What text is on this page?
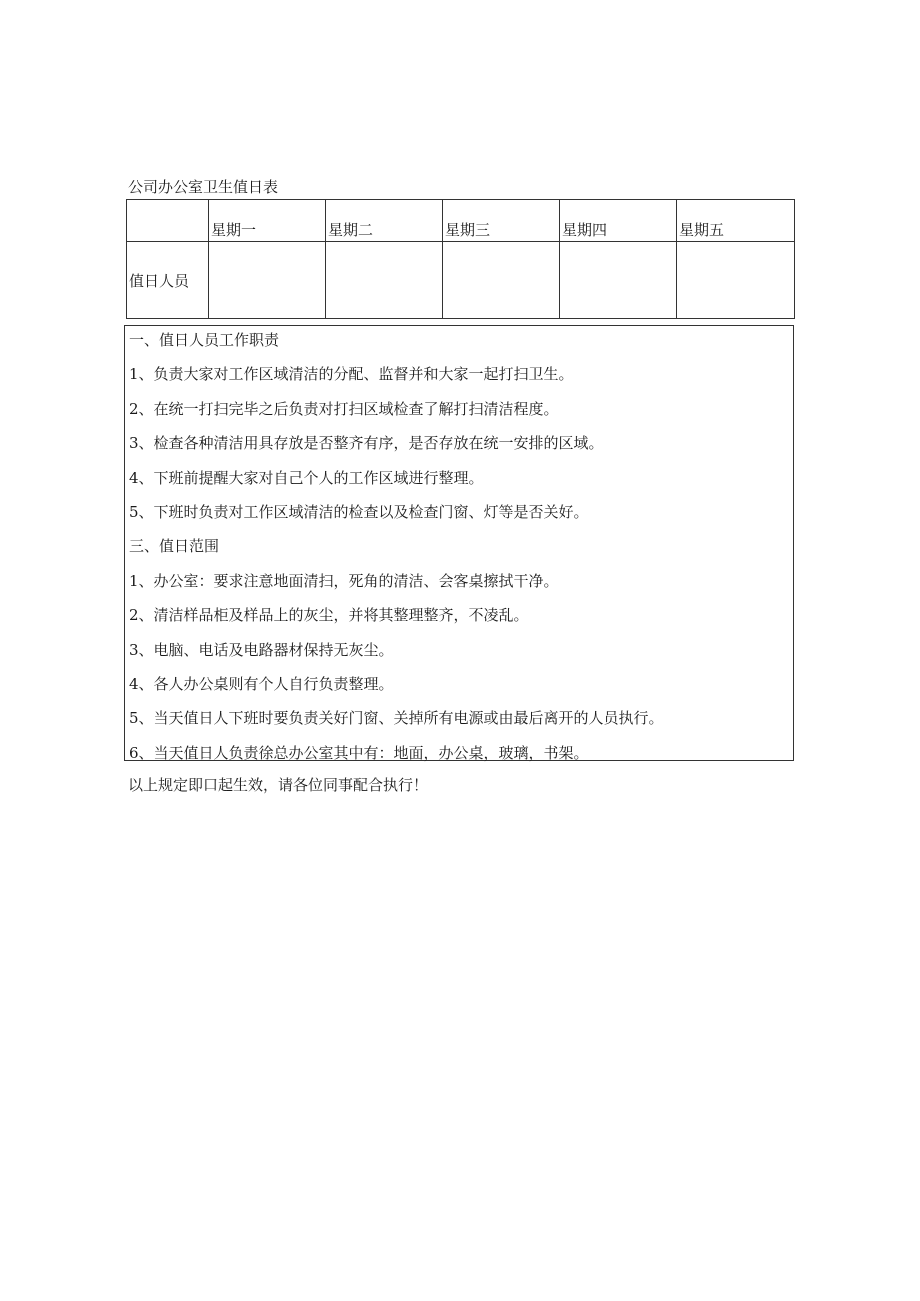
公司办公室卫生值日表
	星期一	星期二	星期三	星期四	星期五
值日人员					
一、值日人员工作职责
1、负责大家对工作区域清洁的分配、监督并和大家一起打扫卫生。
2、在统一打扫完毕之后负责对打扫区域检查了解打扫清洁程度。
3、检查各种清洁用具存放是否整齐有序，是否存放在统一安排的区域。
4、下班前提醒大家对自己个人的工作区域进行整理。
5、下班时负责对工作区域清洁的检查以及检查门窗、灯等是否关好。
三、值日范围
1、办公室：要求注意地面清扫，死角的清洁、会客桌擦拭干净。
2、清洁样品柜及样品上的灰尘，并将其整理整齐，不凌乱。
3、电脑、电话及电路器材保持无灰尘。
4、各人办公桌则有个人自行负责整理。
5、当天值日人下班时要负责关好门窗、关掉所有电源或由最后离开的人员执行。
6、当天值日人负责徐总办公室其中有：地面，办公桌，玻璃，书架。
以上规定即口起生效，请各位同事配合执行！
